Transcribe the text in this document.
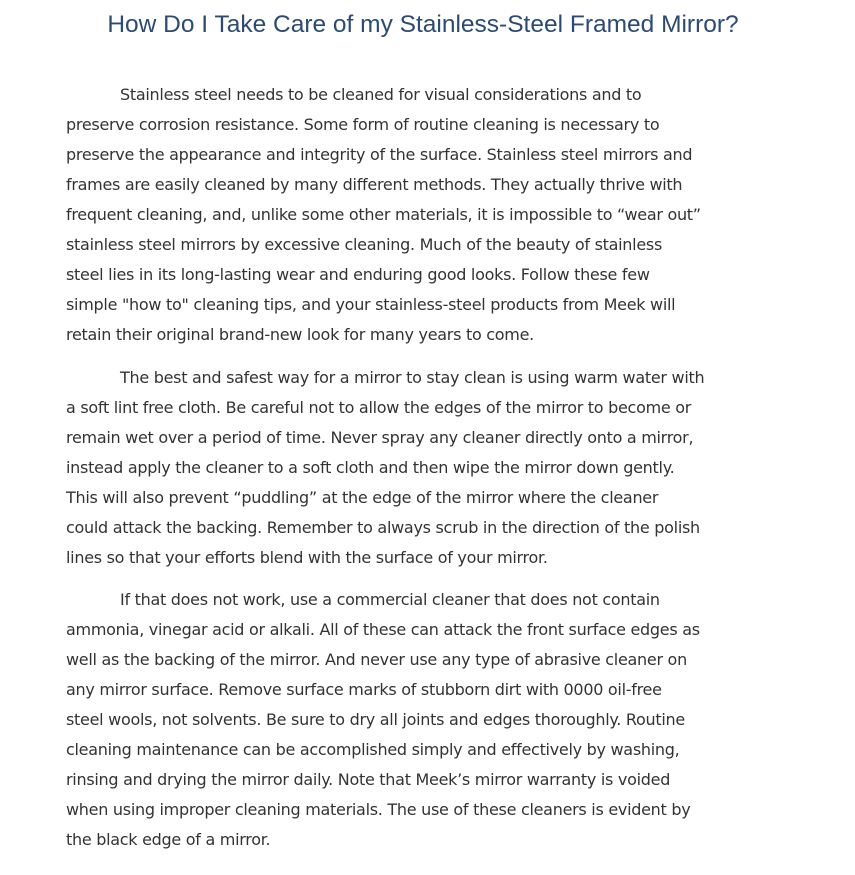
How Do I Take Care of my Stainless-Steel Framed Mirror?
Stainless steel needs to be cleaned for visual considerations and to
preserve corrosion resistance. Some form of routine cleaning is necessary to
preserve the appearance and integrity of the surface. Stainless steel mirrors and
frames are easily cleaned by many different methods. They actually thrive with
frequent cleaning, and, unlike some other materials, it is impossible to “wear out”
stainless steel mirrors by excessive cleaning. Much of the beauty of stainless
steel lies in its long-lasting wear and enduring good looks. Follow these few
simple "how to" cleaning tips, and your stainless-steel products from Meek will
retain their original brand-new look for many years to come.
The best and safest way for a mirror to stay clean is using warm water with
a soft lint free cloth. Be careful not to allow the edges of the mirror to become or
remain wet over a period of time. Never spray any cleaner directly onto a mirror,
instead apply the cleaner to a soft cloth and then wipe the mirror down gently.
This will also prevent “puddling” at the edge of the mirror where the cleaner
could attack the backing. Remember to always scrub in the direction of the polish
lines so that your efforts blend with the surface of your mirror.
If that does not work, use a commercial cleaner that does not contain
ammonia, vinegar acid or alkali. All of these can attack the front surface edges as
well as the backing of the mirror. And never use any type of abrasive cleaner on
any mirror surface. Remove surface marks of stubborn dirt with 0000 oil-free
steel wools, not solvents. Be sure to dry all joints and edges thoroughly. Routine
cleaning maintenance can be accomplished simply and effectively by washing,
rinsing and drying the mirror daily. Note that Meek’s mirror warranty is voided
when using improper cleaning materials. The use of these cleaners is evident by
the black edge of a mirror.
